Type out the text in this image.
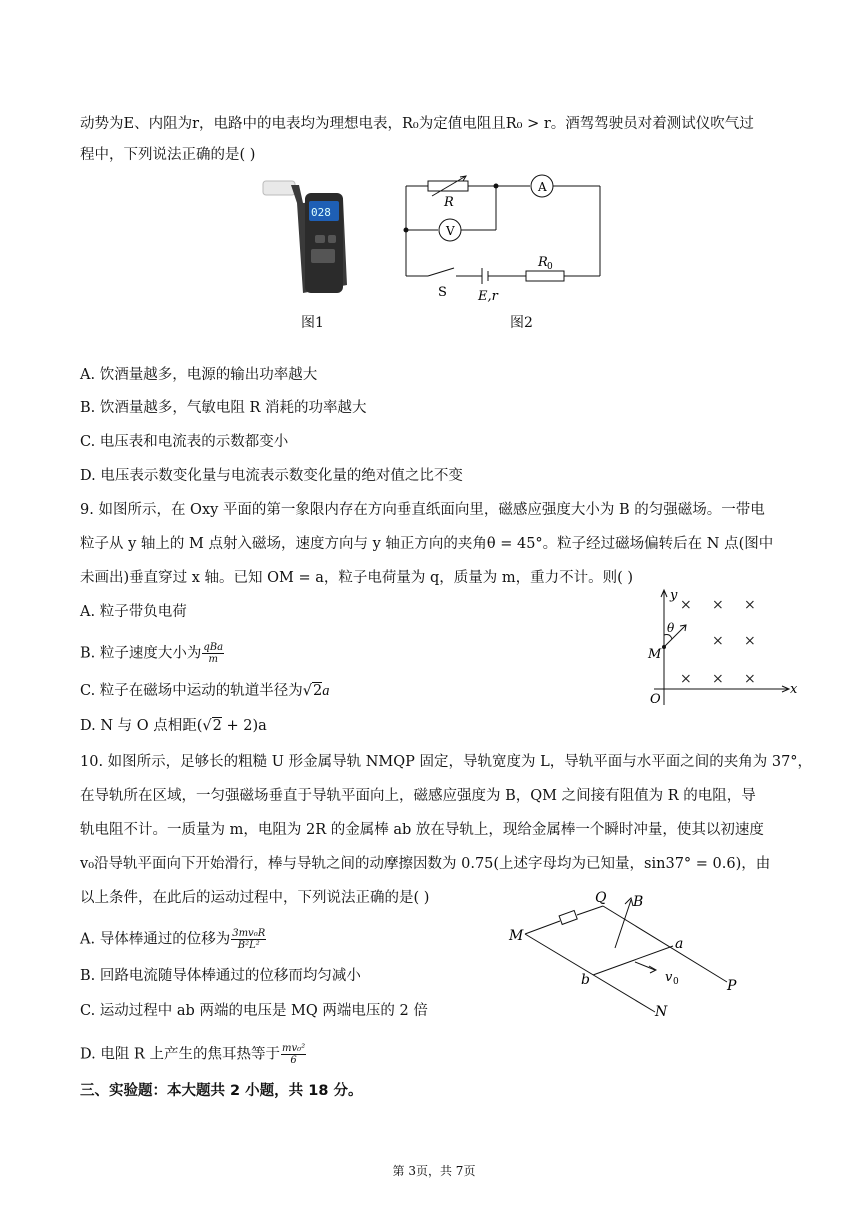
动势为E、内阻为r，电路中的电表均为理想电表，R₀为定值电阻且R₀ > r。酒驾驾驶员对着测试仪吹气过
程中，下列说法正确的是( )
028
图1
A
V
R
R 0
S E,r
图2
A. 饮酒量越多，电源的输出功率越大
B. 饮酒量越多，气敏电阻 R 消耗的功率越大
C. 电压表和电流表的示数都变小
D. 电压表示数变化量与电流表示数变化量的绝对值之比不变
9. 如图所示，在 Oxy 平面的第一象限内存在方向垂直纸面向里，磁感应强度大小为 B 的匀强磁场。一带电
粒子从 y 轴上的 M 点射入磁场，速度方向与 y 轴正方向的夹角θ = 45°。粒子经过磁场偏转后在 N 点(图中
未画出)垂直穿过 x 轴。已知 OM = a，粒子电荷量为 q，质量为 m，重力不计。则( )
A. 粒子带负电荷
B. 粒子速度大小为 $\frac{\text{qBa}}{m}$
C. 粒子在磁场中运动的轨道半径为√2a
D. N 与 O 点相距(√2 + 2)a
y
x
O
M
θ
× × ×
× ×
× × ×
10. 如图所示，足够长的粗糙 U 形金属导轨 NMQP 固定，导轨宽度为 L，导轨平面与水平面之间的夹角为 37°，
在导轨所在区域，一匀强磁场垂直于导轨平面向上，磁感应强度为 B，QM 之间接有阻值为 R 的电阻，导
轨电阻不计。一质量为 m，电阻为 2R 的金属棒 ab 放在导轨上，现给金属棒一个瞬时冲量，使其以初速度
v₀沿导轨平面向下开始滑行，棒与导轨之间的动摩擦因数为 0.75(上述字母均为已知量，sin37° = 0.6)，由
以上条件，在此后的运动过程中，下列说法正确的是( )
A. 导体棒通过的位移为 $\frac{\text{3mv₀R}}{\text{B²L²}}$
B. 回路电流随导体棒通过的位移而均匀减小
C. 运动过程中 ab 两端的电压是 MQ 两端电压的 2 倍
D. 电阻 R 上产生的焦耳热等于 $\frac{\text{mv₀²}}{6}$
M
Q B
a
b	v 0	P
N
三、实验题：本大题共 2 小题，共 18 分。
第 3页，共 7页
